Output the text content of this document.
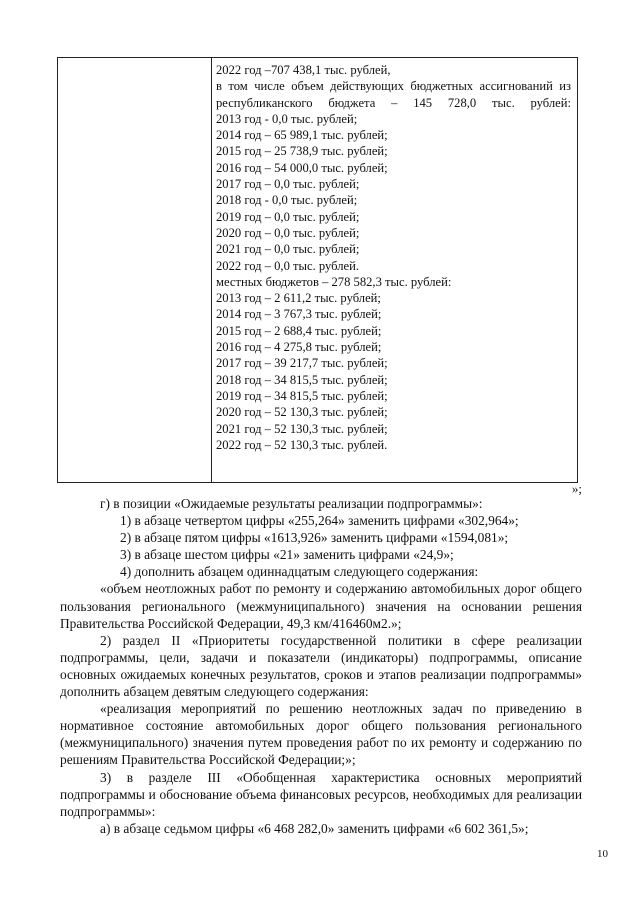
2022 год –707 438,1 тыс. рублей,
в том числе объем действующих бюджетных ассигнований из республиканского бюджета – 145 728,0 тыс. рублей:
2013 год - 0,0 тыс. рублей;
2014 год – 65 989,1 тыс. рублей;
2015 год – 25 738,9 тыс. рублей;
2016 год – 54 000,0 тыс. рублей;
2017 год – 0,0 тыс. рублей;
2018 год - 0,0 тыс. рублей;
2019 год – 0,0 тыс. рублей;
2020 год – 0,0 тыс. рублей;
2021 год – 0,0 тыс. рублей;
2022 год – 0,0 тыс. рублей.
местных бюджетов – 278 582,3 тыс. рублей:
2013 год – 2 611,2 тыс. рублей;
2014 год – 3 767,3 тыс. рублей;
2015 год – 2 688,4 тыс. рублей;
2016 год – 4 275,8 тыс. рублей;
2017 год – 39 217,7 тыс. рублей;
2018 год – 34 815,5 тыс. рублей;
2019 год – 34 815,5 тыс. рублей;
2020 год – 52 130,3 тыс. рублей;
2021 год – 52 130,3 тыс. рублей;
2022 год – 52 130,3 тыс. рублей.
»;

г) в позиции «Ожидаемые результаты реализации подпрограммы»:

1) в абзаце четвертом цифры «255,264» заменить цифрами «302,964»;

2) в абзаце пятом цифры «1613,926» заменить цифрами «1594,081»;

3) в абзаце шестом цифры «21» заменить цифрами «24,9»;

4) дополнить абзацем одиннадцатым следующего содержания:

«объем неотложных работ по ремонту и содержанию автомобильных дорог общего пользования регионального (межмуниципального) значения на основании решения Правительства Российской Федерации, 49,3 км/416460м2.»;

2) раздел II «Приоритеты государственной политики в сфере реализации подпрограммы, цели, задачи и показатели (индикаторы) подпрограммы, описание основных ожидаемых конечных результатов, сроков и этапов реализации подпрограммы» дополнить абзацем девятым следующего содержания:

«реализация мероприятий по решению неотложных задач по приведению в нормативное состояние автомобильных дорог общего пользования регионального (межмуниципального) значения путем проведения работ по их ремонту и содержанию по решениям Правительства Российской Федерации;»;

3) в разделе III «Обобщенная характеристика основных мероприятий подпрограммы и обоснование объема финансовых ресурсов, необходимых для реализации подпрограммы»:

а) в абзаце седьмом цифры «6 468 282,0» заменить цифрами «6 602 361,5»;

10
